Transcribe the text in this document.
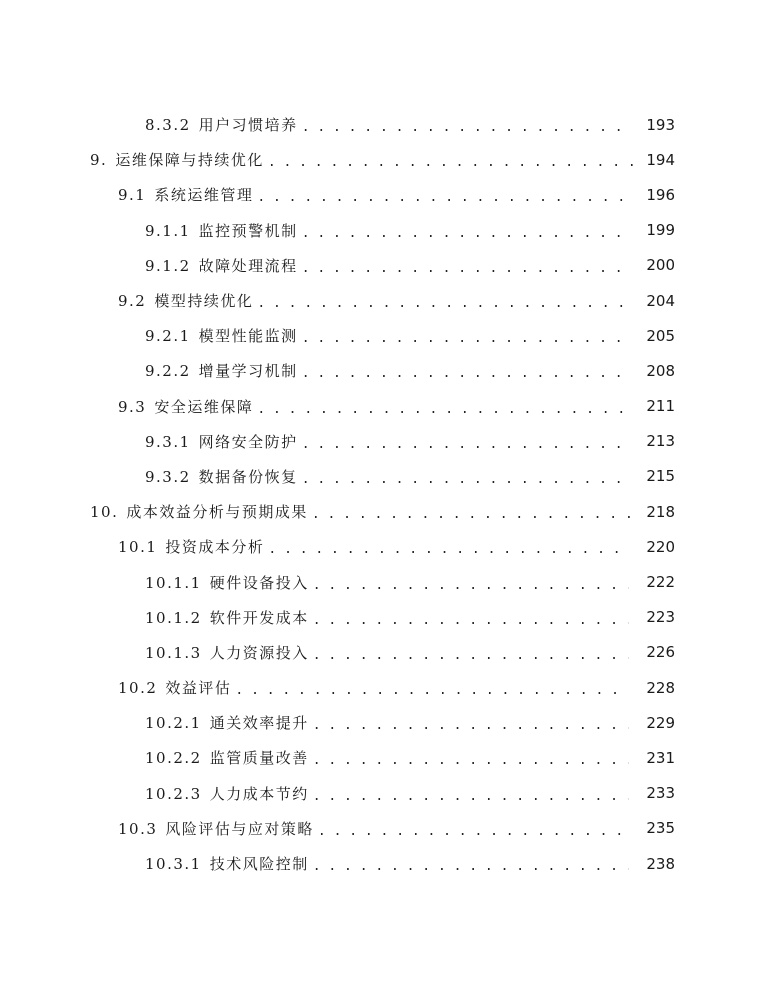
8.3.2 用户习惯培养 . . .	193
9. 运维保障与持续优化 . . .	194
9.1 系统运维管理 . . .	196
9.1.1 监控预警机制 . . .	199
9.1.2 故障处理流程 . . .	200
9.2 模型持续优化 . . .	204
9.2.1 模型性能监测 . . .	205
9.2.2 增量学习机制 . . .	208
9.3 安全运维保障 . . .	211
9.3.1 网络安全防护 . . .	213
9.3.2 数据备份恢复 . . .	215
10. 成本效益分析与预期成果 . . .	218
10.1 投资成本分析 . . .	220
10.1.1 硬件设备投入 . . .	222
10.1.2 软件开发成本 . . .	223
10.1.3 人力资源投入 . . .	226
10.2 效益评估 . . .	228
10.2.1 通关效率提升 . . .	229
10.2.2 监管质量改善 . . .	231
10.2.3 人力成本节约 . . .	233
10.3 风险评估与应对策略 . . .	235
10.3.1 技术风险控制 . . .	238
